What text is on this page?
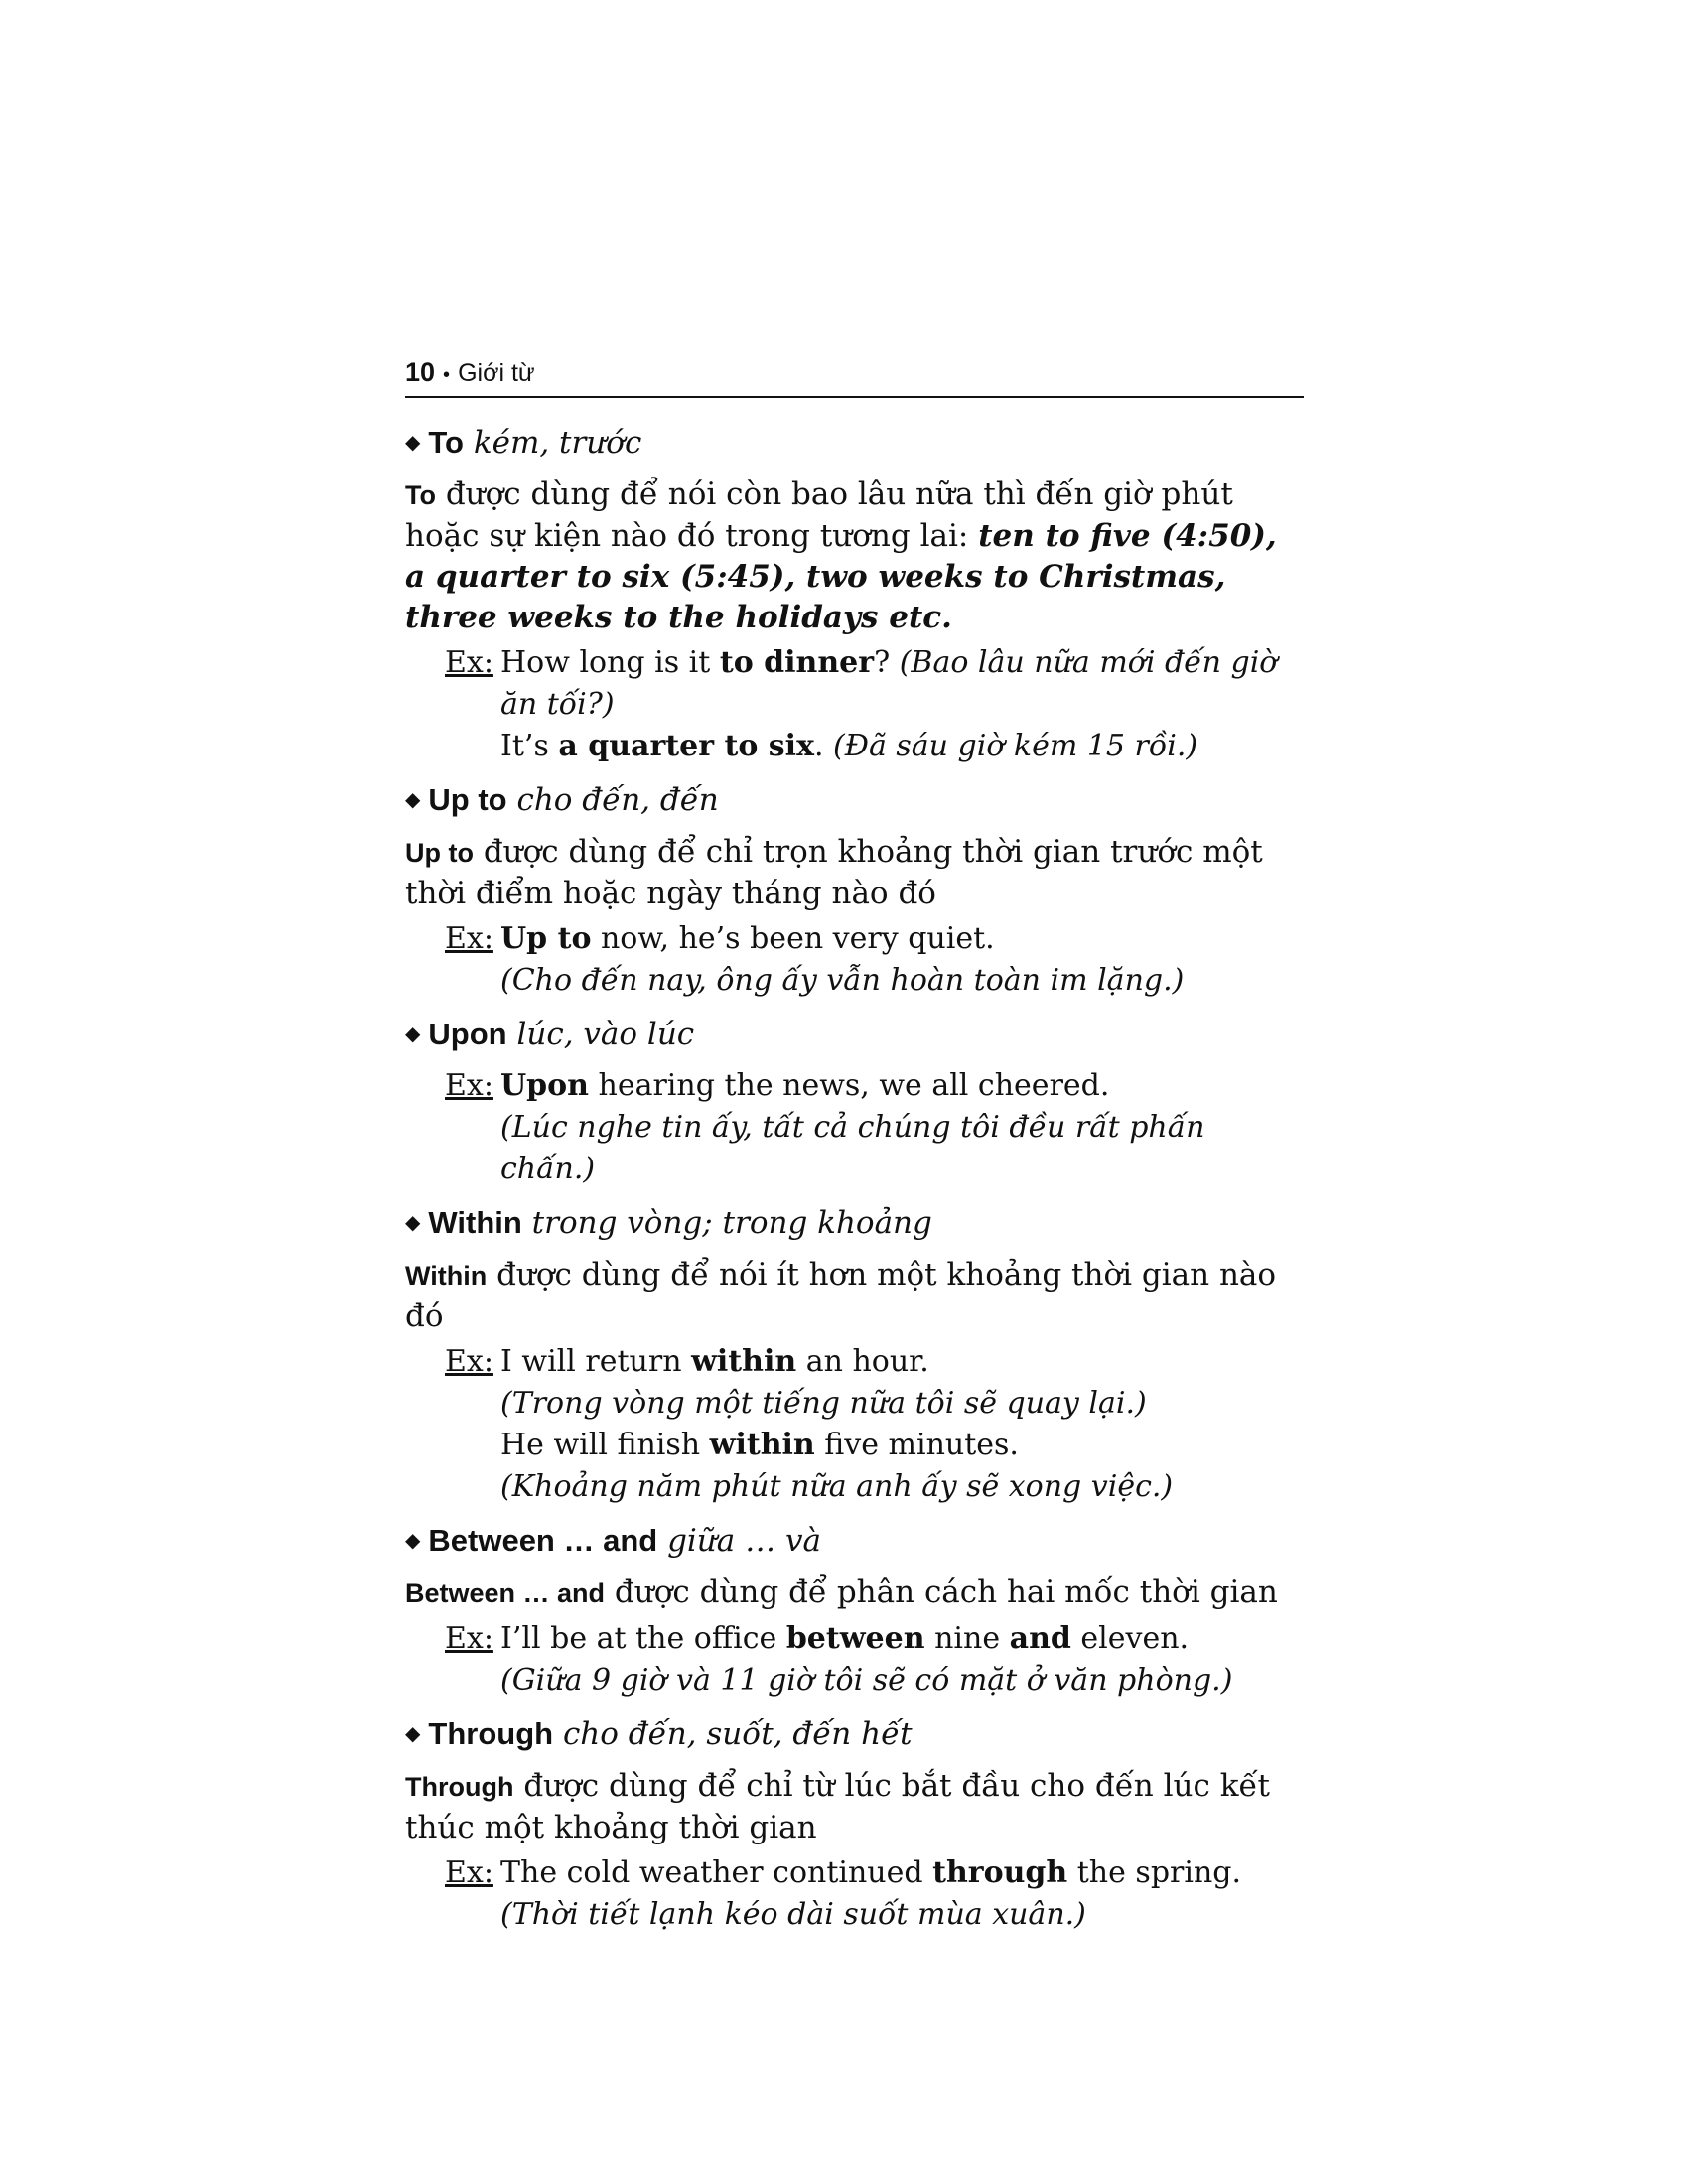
10 • Giới từ
◆ To kém, trước

To được dùng để nói còn bao lâu nữa thì đến giờ phút hoặc sự kiện nào đó trong tương lai: ten to five (4:50), a quarter to six (5:45), two weeks to Christmas, three weeks to the holidays etc.

Ex: How long is it to dinner? (Bao lâu nữa mới đến giờ ăn tối?)
It’s a quarter to six. (Đã sáu giờ kém 15 rồi.)
◆ Up to cho đến, đến

Up to được dùng để chỉ trọn khoảng thời gian trước một thời điểm hoặc ngày tháng nào đó

Ex: Up to now, he’s been very quiet.
(Cho đến nay, ông ấy vẫn hoàn toàn im lặng.)
◆ Upon lúc, vào lúc
Ex: Upon hearing the news, we all cheered.
(Lúc nghe tin ấy, tất cả chúng tôi đều rất phấn chấn.)
◆ Within trong vòng; trong khoảng

Within được dùng để nói ít hơn một khoảng thời gian nào đó

Ex: I will return within an hour.
(Trong vòng một tiếng nữa tôi sẽ quay lại.)
He will finish within five minutes.
(Khoảng năm phút nữa anh ấy sẽ xong việc.)
◆ Between … and giữa … và

Between … and được dùng để phân cách hai mốc thời gian

Ex: I’ll be at the office between nine and eleven.
(Giữa 9 giờ và 11 giờ tôi sẽ có mặt ở văn phòng.)
◆ Through cho đến, suốt, đến hết

Through được dùng để chỉ từ lúc bắt đầu cho đến lúc kết thúc một khoảng thời gian

Ex: The cold weather continued through the spring.
(Thời tiết lạnh kéo dài suốt mùa xuân.)
